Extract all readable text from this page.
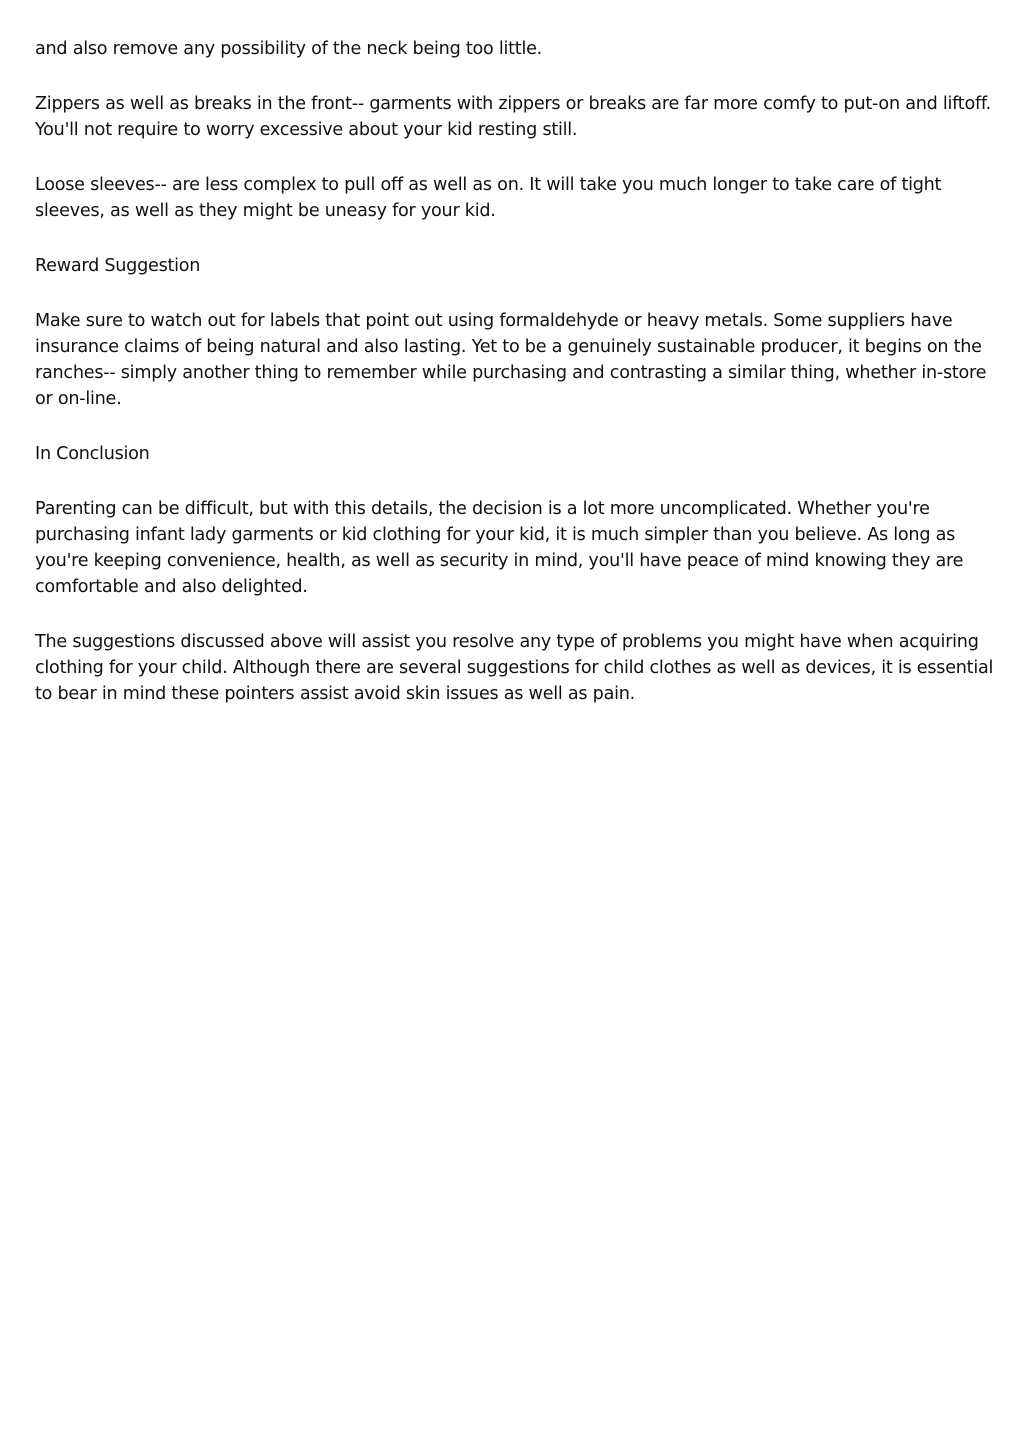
and also remove any possibility of the neck being too little.

Zippers as well as breaks in the front-- garments with zippers or breaks are far more comfy to put-on and liftoff. You'll not require to worry excessive about your kid resting still.

Loose sleeves-- are less complex to pull off as well as on. It will take you much longer to take care of tight sleeves, as well as they might be uneasy for your kid.

Reward Suggestion

Make sure to watch out for labels that point out using formaldehyde or heavy metals. Some suppliers have insurance claims of being natural and also lasting. Yet to be a genuinely sustainable producer, it begins on the ranches-- simply another thing to remember while purchasing and contrasting a similar thing, whether in-store or on-line.

In Conclusion

Parenting can be difficult, but with this details, the decision is a lot more uncomplicated. Whether you're purchasing infant lady garments or kid clothing for your kid, it is much simpler than you believe. As long as you're keeping convenience, health, as well as security in mind, you'll have peace of mind knowing they are comfortable and also delighted.

The suggestions discussed above will assist you resolve any type of problems you might have when acquiring clothing for your child. Although there are several suggestions for child clothes as well as devices, it is essential to bear in mind these pointers assist avoid skin issues as well as pain.
